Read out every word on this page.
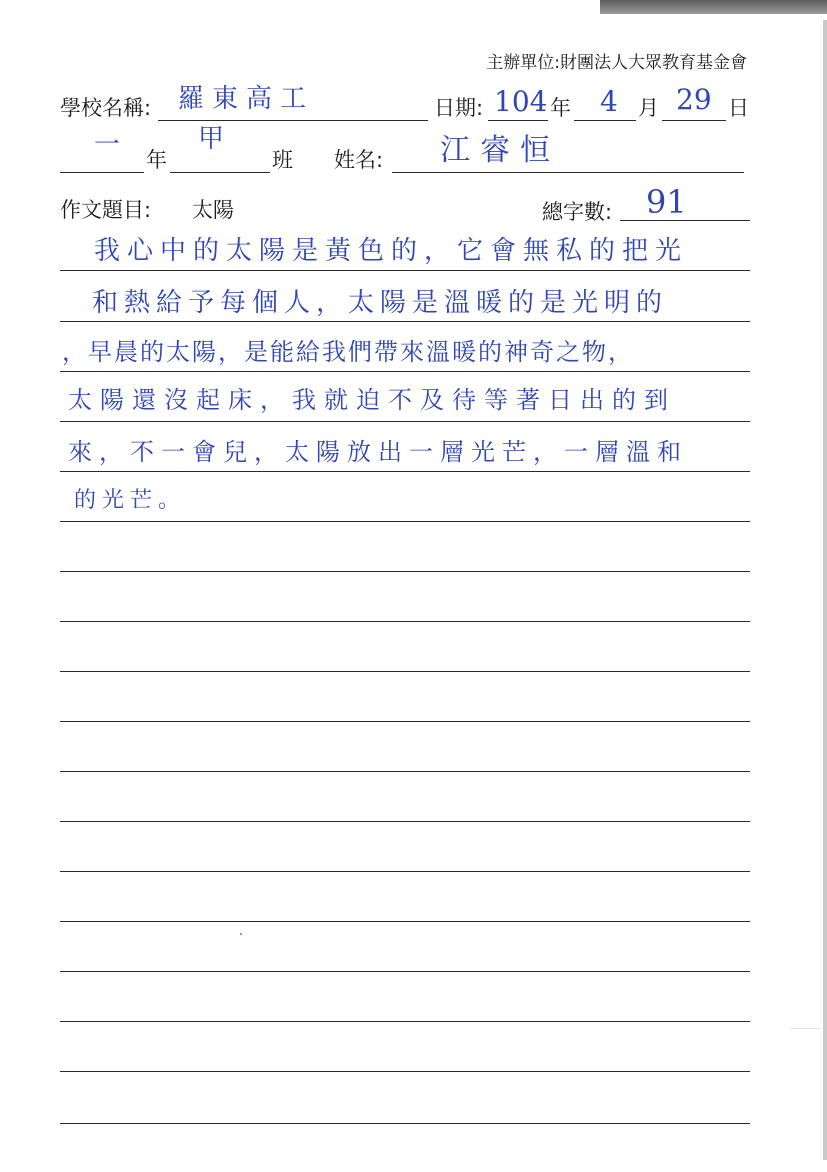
主辦單位:財團法人大眾教育基金會
學校名稱: 羅東高工	日期: 104 年 4 月 29 日
一 年
甲
班 姓名: 江睿恒
作文題目: 太陽	總字數: 91
我心中的太陽是黃色的，它會無私的把光
和熱給予每個人，太陽是溫暖的是光明的
，早晨的太陽，是能給我們帶來溫暖的神奇之物，
太陽還沒起床，我就迫不及待等著日出的到
來，不一會兒，太陽放出一層光芒，一層溫和
的光芒。
